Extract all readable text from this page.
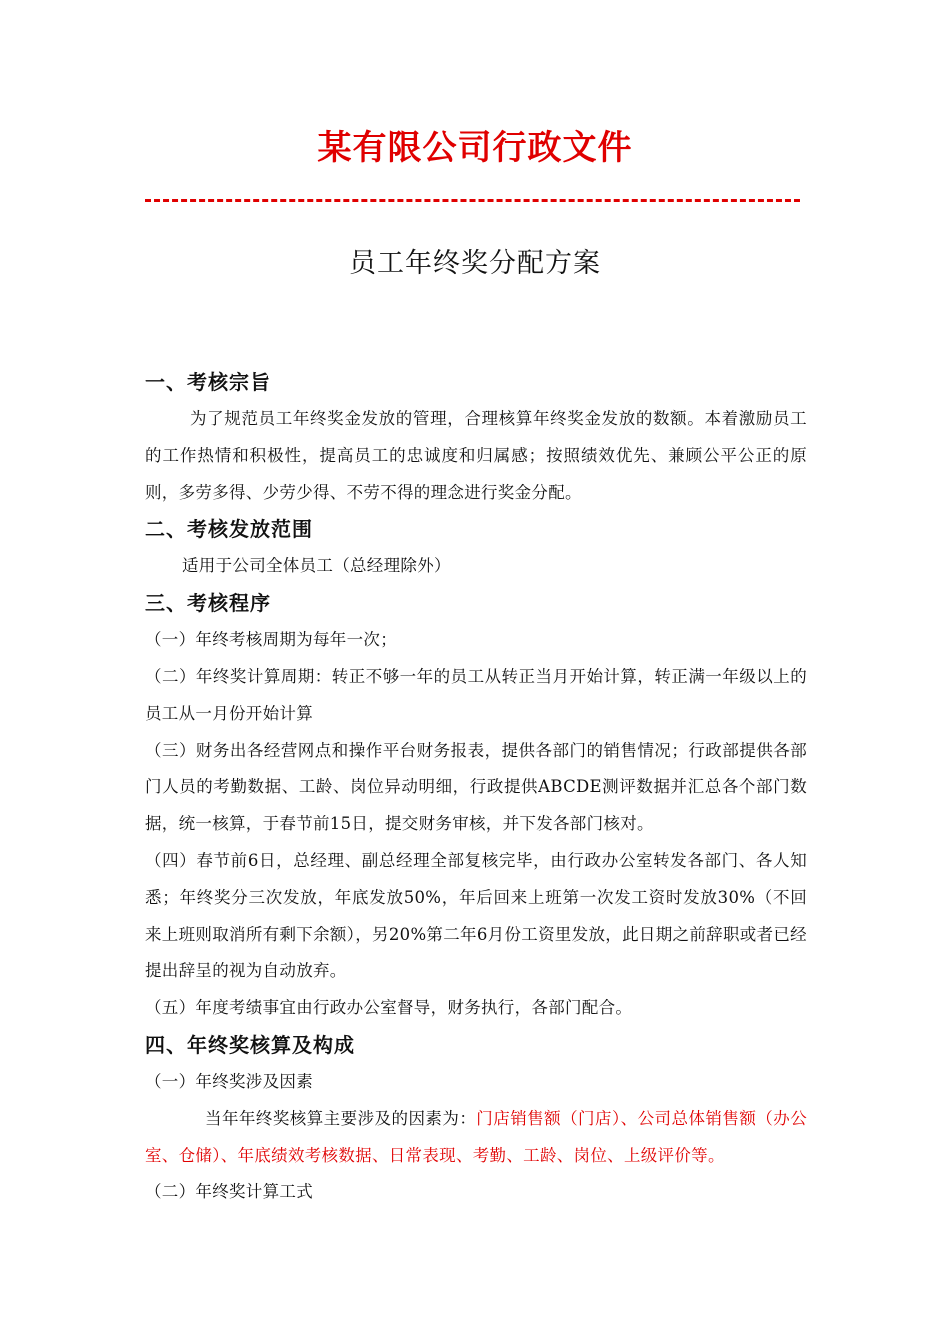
某有限公司行政文件
员工年终奖分配方案
一、考核宗旨

为了规范员工年终奖金发放的管理，合理核算年终奖金发放的数额。本着激励员工的工作热情和积极性，提高员工的忠诚度和归属感；按照绩效优先、兼顾公平公正的原则，多劳多得、少劳少得、不劳不得的理念进行奖金分配。

二、考核发放范围

适用于公司全体员工（总经理除外）

三、考核程序

（一）年终考核周期为每年一次；

（二）年终奖计算周期：转正不够一年的员工从转正当月开始计算，转正满一年级以上的员工从一月份开始计算

（三）财务出各经营网点和操作平台财务报表，提供各部门的销售情况；行政部提供各部门人员的考勤数据、工龄、岗位异动明细，行政提供ABCDE测评数据并汇总各个部门数据，统一核算，于春节前15日，提交财务审核，并下发各部门核对。

（四）春节前6日，总经理、副总经理全部复核完毕，由行政办公室转发各部门、各人知悉；年终奖分三次发放，年底发放50%，年后回来上班第一次发工资时发放30%（不回来上班则取消所有剩下余额），另20%第二年6月份工资里发放，此日期之前辞职或者已经提出辞呈的视为自动放弃。

（五）年度考绩事宜由行政办公室督导，财务执行，各部门配合。

四、年终奖核算及构成

（一）年终奖涉及因素

当年年终奖核算主要涉及的因素为：门店销售额（门店）、公司总体销售额（办公室、仓储）、年底绩效考核数据、日常表现、考勤、工龄、岗位、上级评价等。

（二）年终奖计算工式
